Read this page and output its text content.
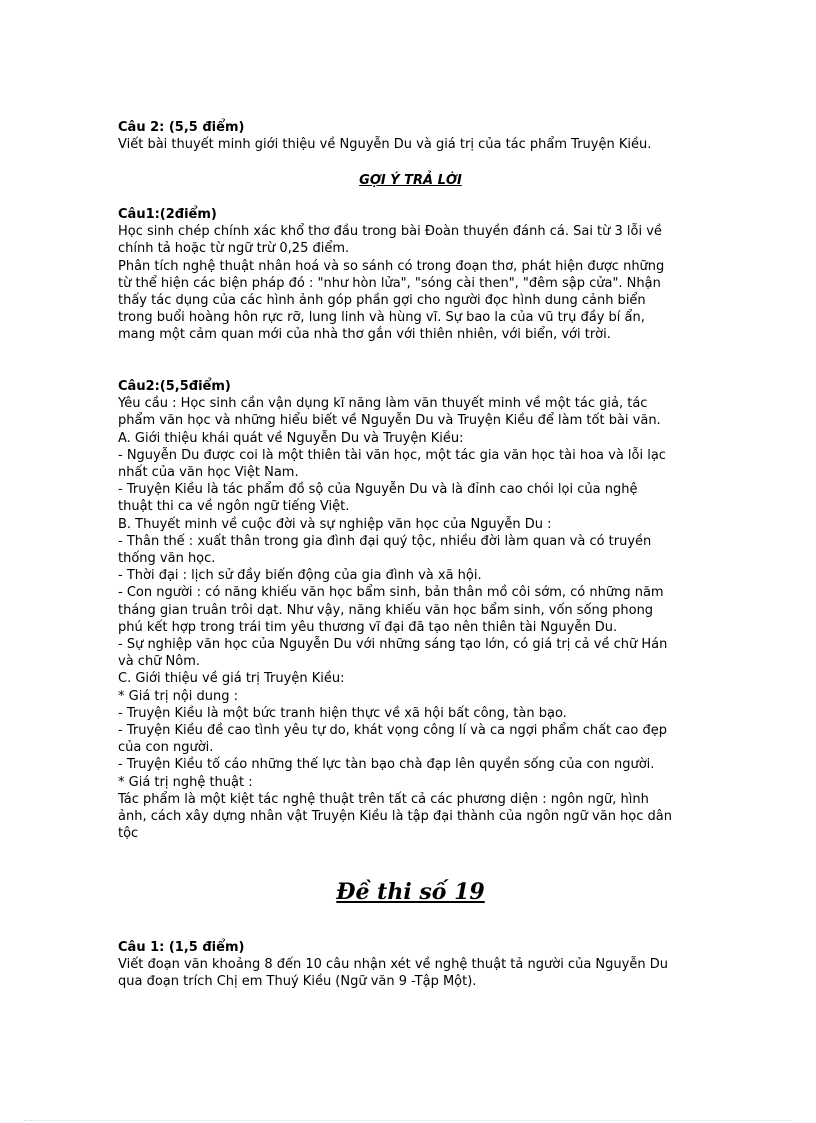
Câu 2: (5,5 điểm)
Viết bài thuyết minh giới thiệu về Nguyễn Du và giá trị của tác phẩm Truyện Kiều.
GỢI Ý TRẢ LỜI
Câu1:(2điểm)
Học sinh chép chính xác khổ thơ đầu trong bài Đoàn thuyền đánh cá. Sai từ 3 lỗi về
chính tả hoặc từ ngữ trừ 0,25 điểm.
Phân tích nghệ thuật nhân hoá và so sánh có trong đoạn thơ, phát hiện được những
từ thể hiện các biện pháp đó : "như hòn lửa", "sóng cài then", "đêm sập cửa". Nhận
thấy tác dụng của các hình ảnh góp phần gợi cho người đọc hình dung cảnh biển
trong buổi hoàng hôn rực rỡ, lung linh và hùng vĩ. Sự bao la của vũ trụ đầy bí ẩn,
mang một cảm quan mới của nhà thơ gắn với thiên nhiên, với biển, với trời.
Câu2:(5,5điểm)
Yêu cầu : Học sinh cần vận dụng kĩ năng làm văn thuyết minh về một tác giả, tác
phẩm văn học và những hiểu biết về Nguyễn Du và Truyện Kiều để làm tốt bài văn.
A. Giới thiệu khái quát về Nguyễn Du và Truyện Kiều:
- Nguyễn Du được coi là một thiên tài văn học, một tác gia văn học tài hoa và lỗi lạc
nhất của văn học Việt Nam.
- Truyện Kiều là tác phẩm đồ sộ của Nguyễn Du và là đỉnh cao chói lọi của nghệ
thuật thi ca về ngôn ngữ tiếng Việt.
B. Thuyết minh về cuộc đời và sự nghiệp văn học của Nguyễn Du :
- Thân thế : xuất thân trong gia đình đại quý tộc, nhiều đời làm quan và có truyền
thống văn học.
- Thời đại : lịch sử đầy biến động của gia đình và xã hội.
- Con người : có năng khiếu văn học bẩm sinh, bản thân mồ côi sớm, có những năm
tháng gian truân trôi dạt. Như vậy, năng khiếu văn học bẩm sinh, vốn sống phong
phú kết hợp trong trái tim yêu thương vĩ đại đã tạo nên thiên tài Nguyễn Du.
- Sự nghiệp văn học của Nguyễn Du với những sáng tạo lớn, có giá trị cả về chữ Hán
và chữ Nôm.
C. Giới thiệu về giá trị Truyện Kiều:
* Giá trị nội dung :
- Truyện Kiều là một bức tranh hiện thực về xã hội bất công, tàn bạo.
- Truyện Kiều đề cao tình yêu tự do, khát vọng công lí và ca ngợi phẩm chất cao đẹp
của con người.
- Truyện Kiều tố cáo những thế lực tàn bạo chà đạp lên quyền sống của con người.
* Giá trị nghệ thuật :
Tác phẩm là một kiệt tác nghệ thuật trên tất cả các phương diện : ngôn ngữ, hình
ảnh, cách xây dựng nhân vật Truyện Kiều là tập đại thành của ngôn ngữ văn học dân
tộc
Đề thi số 19
Câu 1: (1,5 điểm)
Viết đoạn văn khoảng 8 đến 10 câu nhận xét về nghệ thuật tả người của Nguyễn Du
qua đoạn trích Chị em Thuý Kiều (Ngữ văn 9 -Tập Một).
